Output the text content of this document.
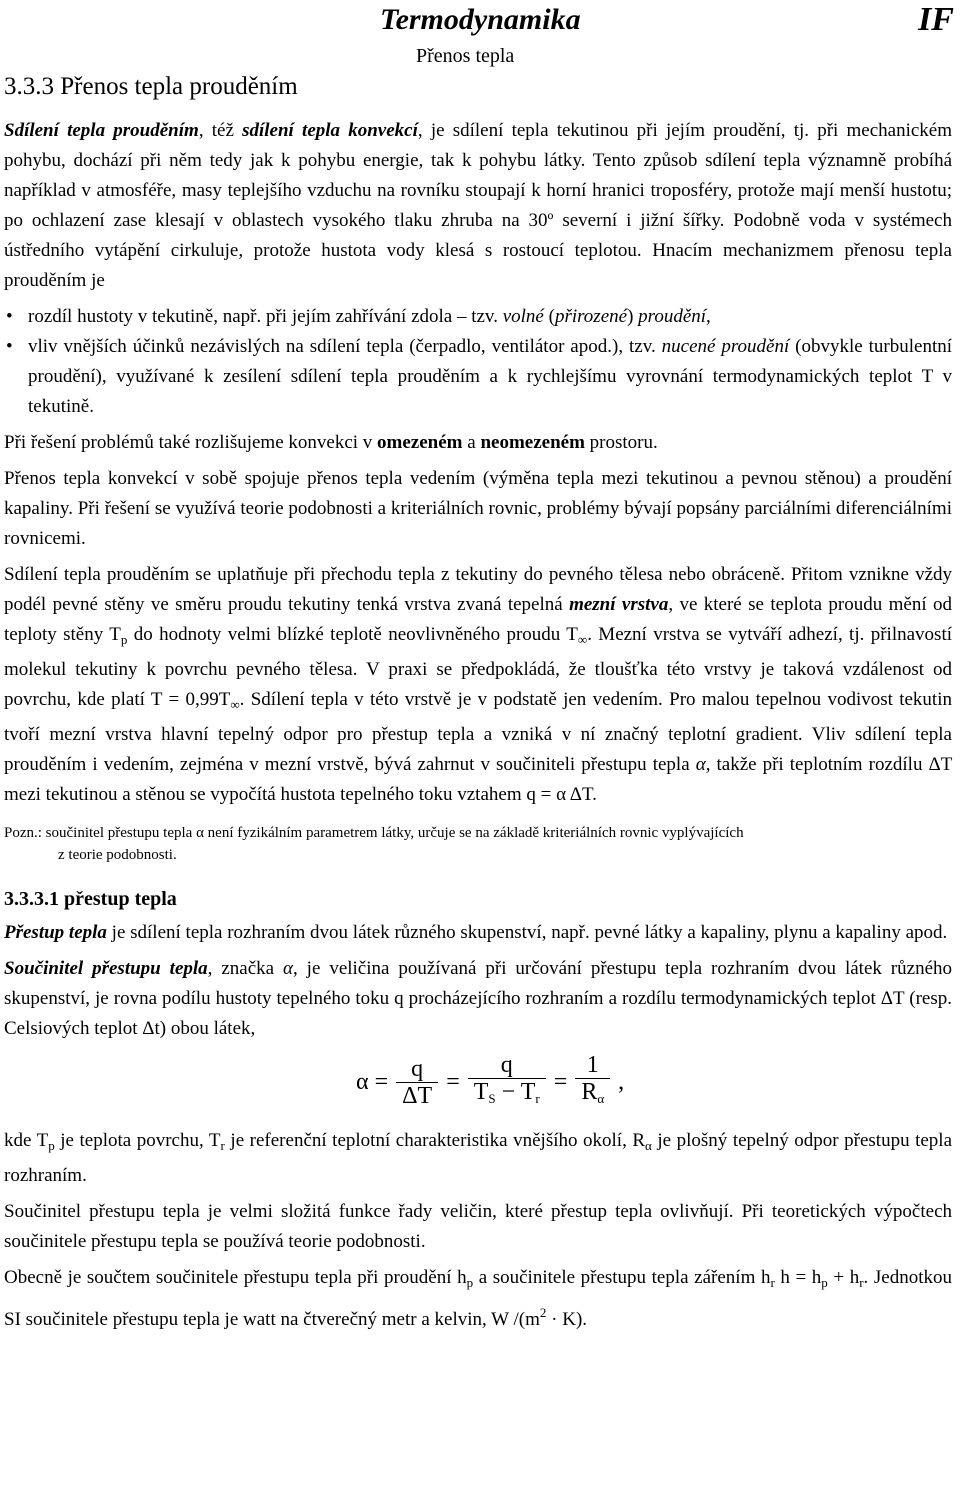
Termodynamika	IF
Přenos tepla
3.3.3 Přenos tepla prouděním

Sdílení tepla prouděním, též sdílení tepla konvekcí, je sdílení tepla tekutinou při jejím proudění, tj. při mechanickém pohybu, dochází při něm tedy jak k pohybu energie, tak k pohybu látky. Tento způsob sdílení tepla významně probíhá například v atmosféře, masy teplejšího vzduchu na rovníku stoupají k horní hranici troposféry, protože mají menší hustotu; po ochlazení zase klesají v oblastech vysokého tlaku zhruba na 30º severní i jižní šířky. Podobně voda v systémech ústředního vytápění cirkuluje, protože hustota vody klesá s rostoucí teplotou. Hnacím mechanizmem přenosu tepla prouděním je

• rozdíl hustoty v tekutině, např. při jejím zahřívání zdola – tzv. volné (přirozené) proudění,
• vliv vnějších účinků nezávislých na sdílení tepla (čerpadlo, ventilátor apod.), tzv. nucené proudění (obvykle turbulentní proudění), využívané k zesílení sdílení tepla prouděním a k rychlejšímu vyrovnání termodynamických teplot T v tekutině.

Při řešení problémů také rozlišujeme konvekci v omezeném a neomezeném prostoru.

Přenos tepla konvekcí v sobě spojuje přenos tepla vedením (výměna tepla mezi tekutinou a pevnou stěnou) a proudění kapaliny. Při řešení se využívá teorie podobnosti a kriteriálních rovnic, problémy bývají popsány parciálními diferenciálními rovnicemi.

Sdílení tepla prouděním se uplatňuje při přechodu tepla z tekutiny do pevného tělesa nebo obráceně. Přitom vznikne vždy podél pevné stěny ve směru proudu tekutiny tenká vrstva zvaná tepelná mezní vrstva, ve které se teplota proudu mění od teploty stěny $T_p$ do hodnoty velmi blízké teplotě neovlivněného proudu $T_\infty$. Mezní vrstva se vytváří adhezí, tj. přilnavostí molekul tekutiny k povrchu pevného tělesa. V praxi se předpokládá, že tloušťka této vrstvy je taková vzdálenost od povrchu, kde platí $T = 0,99T_\infty$. Sdílení tepla v této vrstvě je v podstatě jen vedením. Pro malou tepelnou vodivost tekutin tvoří mezní vrstva hlavní tepelný odpor pro přestup tepla a vzniká v ní značný teplotní gradient. Vliv sdílení tepla prouděním i vedením, zejména v mezní vrstvě, bývá zahrnut v součiniteli přestupu tepla α, takže při teplotním rozdílu ΔT mezi tekutinou a stěnou se vypočítá hustota tepelného toku vztahem q = α ΔT.

Pozn.: součinitel přestupu tepla α není fyzikálním parametrem látky, určuje se na základě kriteriálních rovnic vyplývajících
z teorie podobnosti.
3.3.3.1 přestup tepla

Přestup tepla je sdílení tepla rozhraním dvou látek různého skupenství, např. pevné látky a kapaliny, plynu a kapaliny apod.

Součinitel přestupu tepla, značka α, je veličina používaná při určování přestupu tepla rozhraním dvou látek různého skupenství, je rovna podílu hustoty tepelného toku q procházejícího rozhraním a rozdílu termodynamických teplot ΔT (resp. Celsiových teplot Δt) obou látek,

$\alpha = \frac{q}{\Delta T} = \frac{q}{T_S - T_r} = \frac{1}{R_\alpha}$ ,

kde $T_p$ je teplota povrchu, $T_r$ je referenční teplotní charakteristika vnějšího okolí, $R_\alpha$ je plošný tepelný odpor přestupu tepla rozhraním.

Součinitel přestupu tepla je velmi složitá funkce řady veličin, které přestup tepla ovlivňují. Při teoretických výpočtech součinitele přestupu tepla se používá teorie podobnosti.

Obecně je součtem součinitele přestupu tepla při proudění $h_p$ a součinitele přestupu tepla zářením $h_r$ $h = h_p + h_r$. Jednotkou SI součinitele přestupu tepla je watt na čtverečný metr a kelvin, W $/(m^2 \cdot K)$.
